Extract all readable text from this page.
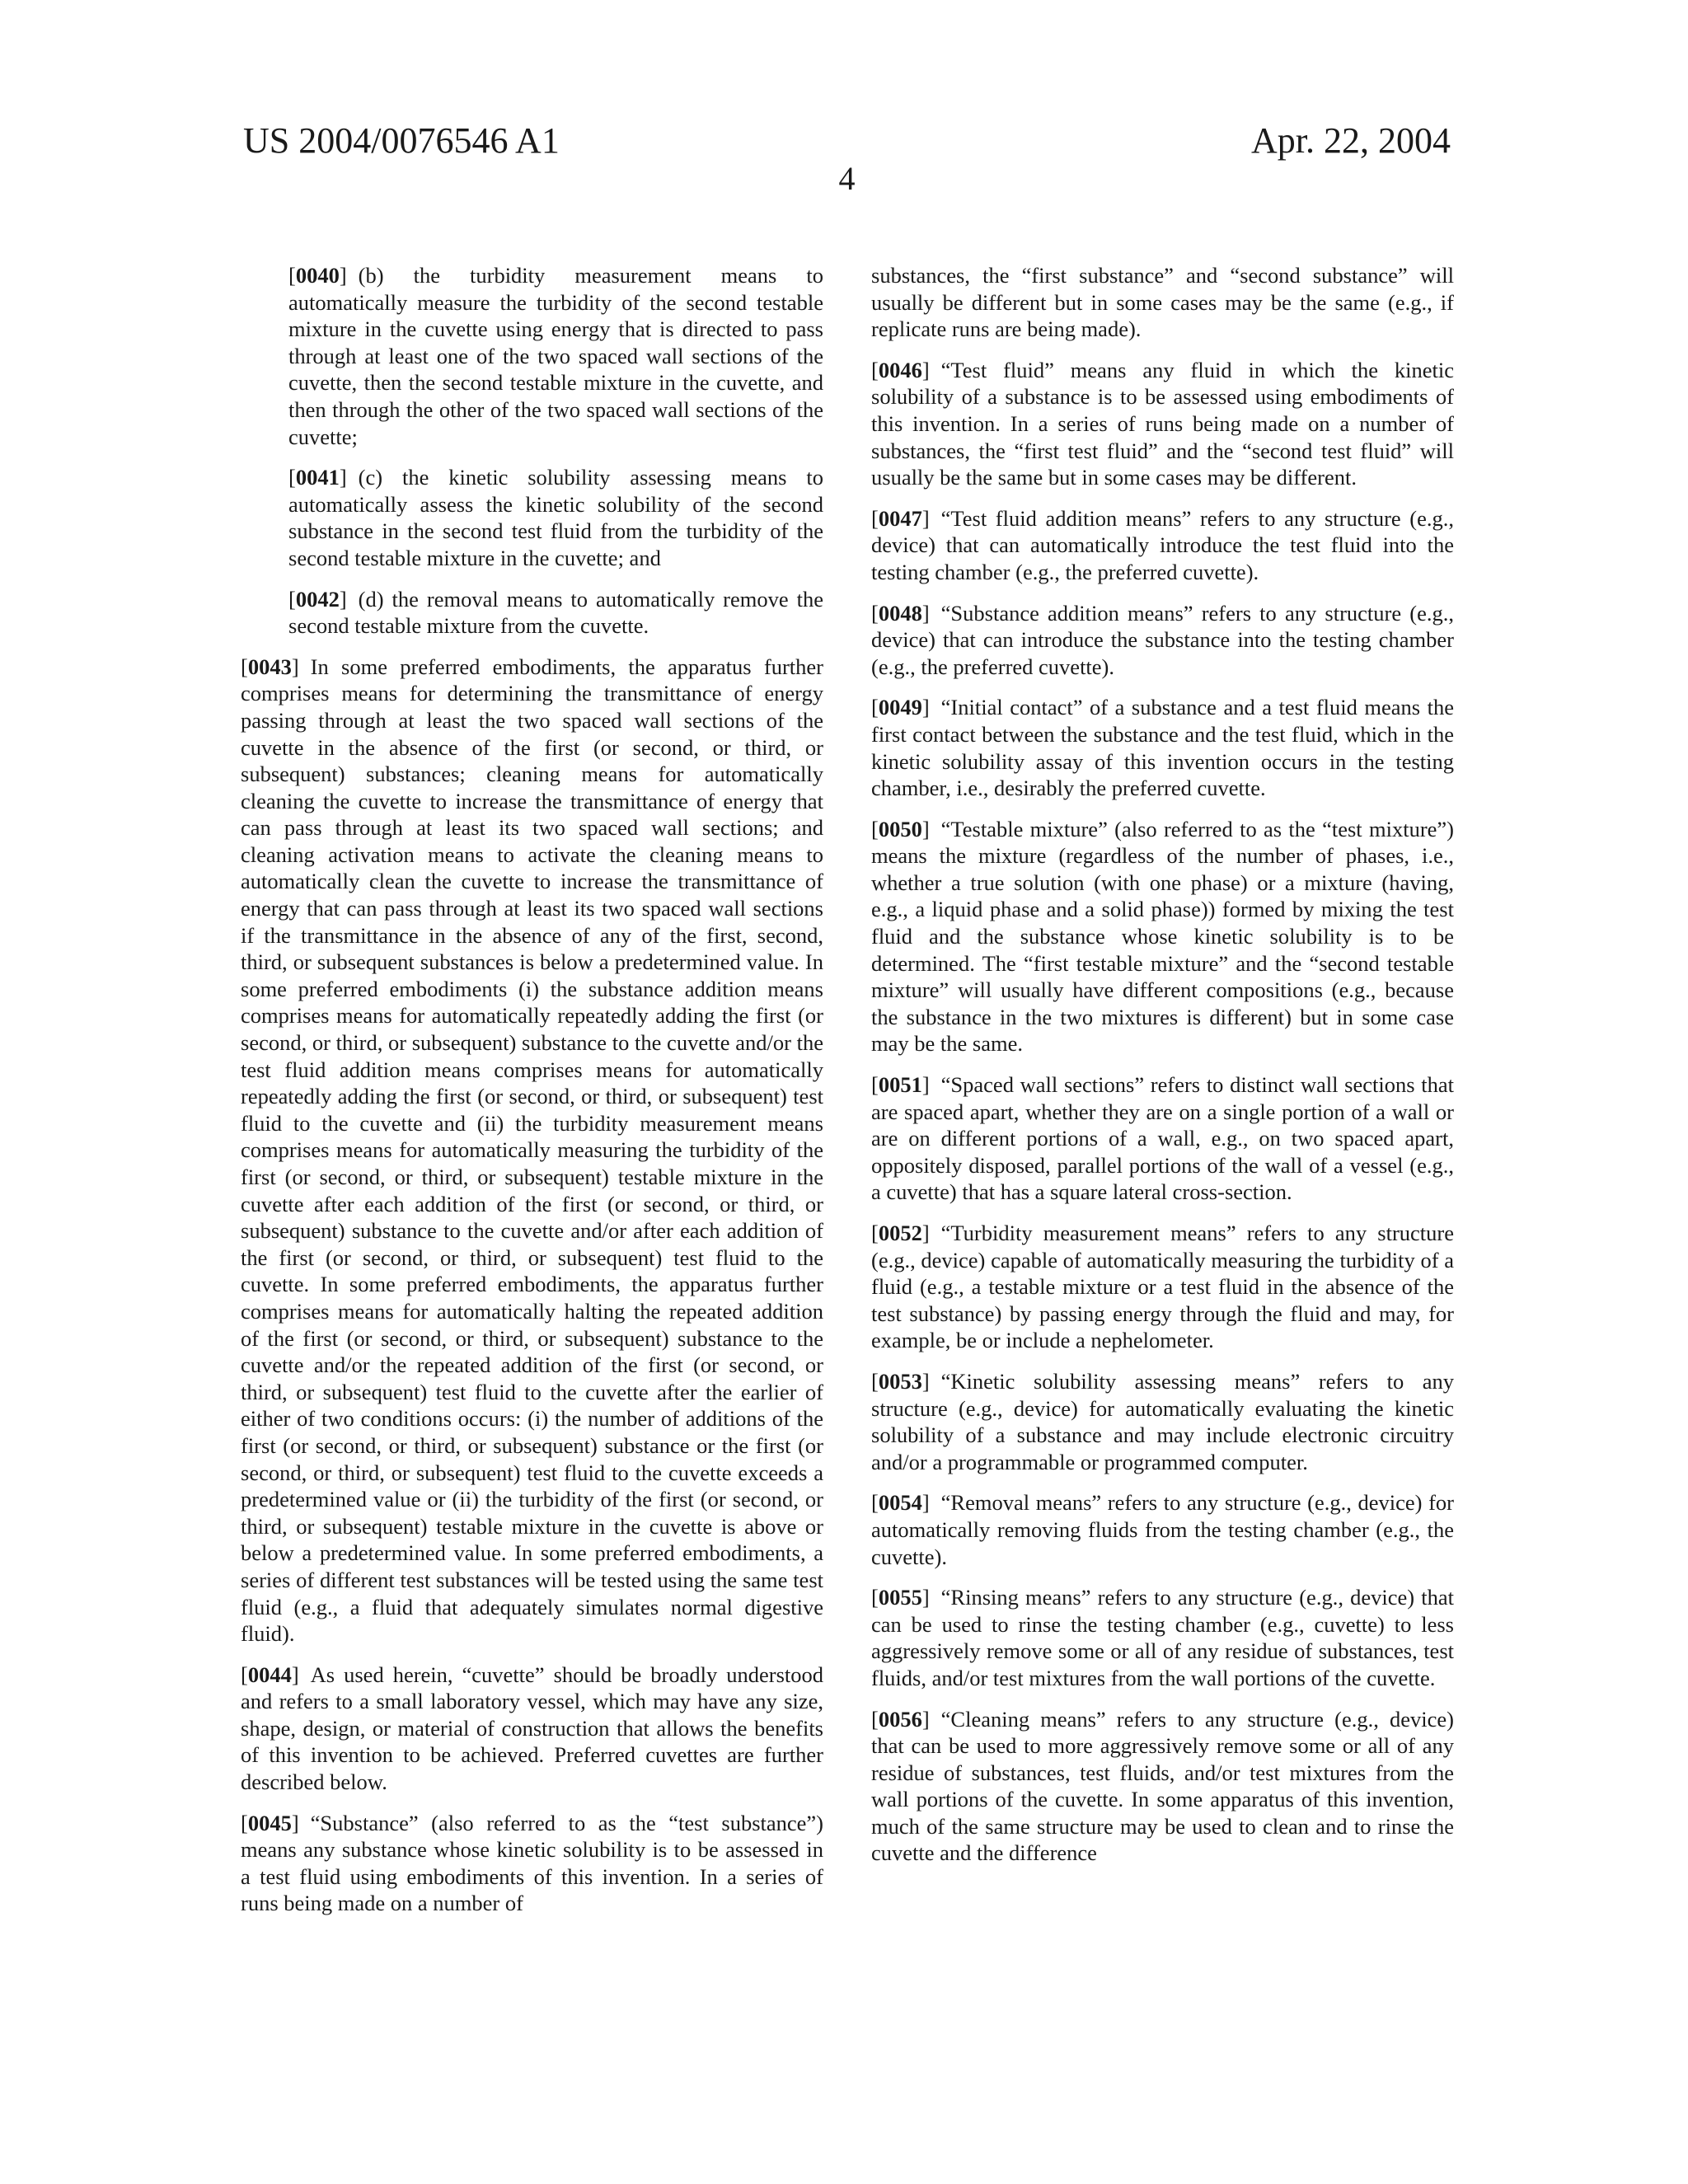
US 2004/0076546 A1	Apr. 22, 2004
4

[ 0040 ] (b) the turbidity measurement means to automatically measure the turbidity of the second testable mixture in the cuvette using energy that is directed to pass through at least one of the two spaced wall sections of the cuvette, then the second testable mixture in the cuvette, and then through the other of the two spaced wall sections of the cuvette;

[ 0041 ] (c) the kinetic solubility assessing means to automatically assess the kinetic solubility of the second substance in the second test fluid from the turbidity of the second testable mixture in the cuvette; and

[ 0042 ] (d) the removal means to automatically remove the second testable mixture from the cuvette.

[ 0043 ] In some preferred embodiments, the apparatus further comprises means for determining the transmittance of energy passing through at least the two spaced wall sections of the cuvette in the absence of the first (or second, or third, or subsequent) substances; cleaning means for automatically cleaning the cuvette to increase the transmittance of energy that can pass through at least its two spaced wall sections; and cleaning activation means to activate the cleaning means to automatically clean the cuvette to increase the transmittance of energy that can pass through at least its two spaced wall sections if the transmittance in the absence of any of the first, second, third, or subsequent substances is below a predetermined value. In some preferred embodiments (i) the substance addition means comprises means for automatically repeatedly adding the first (or second, or third, or subsequent) substance to the cuvette and/or the test fluid addition means comprises means for automatically repeatedly adding the first (or second, or third, or subsequent) test fluid to the cuvette and (ii) the turbidity measurement means comprises means for automatically measuring the turbidity of the first (or second, or third, or subsequent) testable mixture in the cuvette after each addition of the first (or second, or third, or subsequent) substance to the cuvette and/or after each addition of the first (or second, or third, or subsequent) test fluid to the cuvette. In some preferred embodiments, the apparatus further comprises means for automatically halting the repeated addition of the first (or second, or third, or subsequent) substance to the cuvette and/or the repeated addition of the first (or second, or third, or subsequent) test fluid to the cuvette after the earlier of either of two conditions occurs: (i) the number of additions of the first (or second, or third, or subsequent) substance or the first (or second, or third, or subsequent) test fluid to the cuvette exceeds a predetermined value or (ii) the turbidity of the first (or second, or third, or subsequent) testable mixture in the cuvette is above or below a predetermined value. In some preferred embodiments, a series of different test substances will be tested using the same test fluid (e.g., a fluid that adequately simulates normal digestive fluid).

[ 0044 ] As used herein, “cuvette” should be broadly understood and refers to a small laboratory vessel, which may have any size, shape, design, or material of construction that allows the benefits of this invention to be achieved. Preferred cuvettes are further described below.

[ 0045 ] “Substance” (also referred to as the “test substance”) means any substance whose kinetic solubility is to be assessed in a test fluid using embodiments of this invention. In a series of runs being made on a number of

substances, the “first substance” and “second substance” will usually be different but in some cases may be the same (e.g., if replicate runs are being made).

[ 0046 ] “Test fluid” means any fluid in which the kinetic solubility of a substance is to be assessed using embodiments of this invention. In a series of runs being made on a number of substances, the “first test fluid” and the “second test fluid” will usually be the same but in some cases may be different.

[ 0047 ] “Test fluid addition means” refers to any structure (e.g., device) that can automatically introduce the test fluid into the testing chamber (e.g., the preferred cuvette).

[ 0048 ] “Substance addition means” refers to any structure (e.g., device) that can introduce the substance into the testing chamber (e.g., the preferred cuvette).

[ 0049 ] “Initial contact” of a substance and a test fluid means the first contact between the substance and the test fluid, which in the kinetic solubility assay of this invention occurs in the testing chamber, i.e., desirably the preferred cuvette.

[ 0050 ] “Testable mixture” (also referred to as the “test mixture”) means the mixture (regardless of the number of phases, i.e., whether a true solution (with one phase) or a mixture (having, e.g., a liquid phase and a solid phase)) formed by mixing the test fluid and the substance whose kinetic solubility is to be determined. The “first testable mixture” and the “second testable mixture” will usually have different compositions (e.g., because the substance in the two mixtures is different) but in some case may be the same.

[ 0051 ] “Spaced wall sections” refers to distinct wall sections that are spaced apart, whether they are on a single portion of a wall or are on different portions of a wall, e.g., on two spaced apart, oppositely disposed, parallel portions of the wall of a vessel (e.g., a cuvette) that has a square lateral cross-section.

[ 0052 ] “Turbidity measurement means” refers to any structure (e.g., device) capable of automatically measuring the turbidity of a fluid (e.g., a testable mixture or a test fluid in the absence of the test substance) by passing energy through the fluid and may, for example, be or include a nephelometer.

[ 0053 ] “Kinetic solubility assessing means” refers to any structure (e.g., device) for automatically evaluating the kinetic solubility of a substance and may include electronic circuitry and/or a programmable or programmed computer.

[ 0054 ] “Removal means” refers to any structure (e.g., device) for automatically removing fluids from the testing chamber (e.g., the cuvette).

[ 0055 ] “Rinsing means” refers to any structure (e.g., device) that can be used to rinse the testing chamber (e.g., cuvette) to less aggressively remove some or all of any residue of substances, test fluids, and/or test mixtures from the wall portions of the cuvette.

[ 0056 ] “Cleaning means” refers to any structure (e.g., device) that can be used to more aggressively remove some or all of any residue of substances, test fluids, and/or test mixtures from the wall portions of the cuvette. In some apparatus of this invention, much of the same structure may be used to clean and to rinse the cuvette and the difference
